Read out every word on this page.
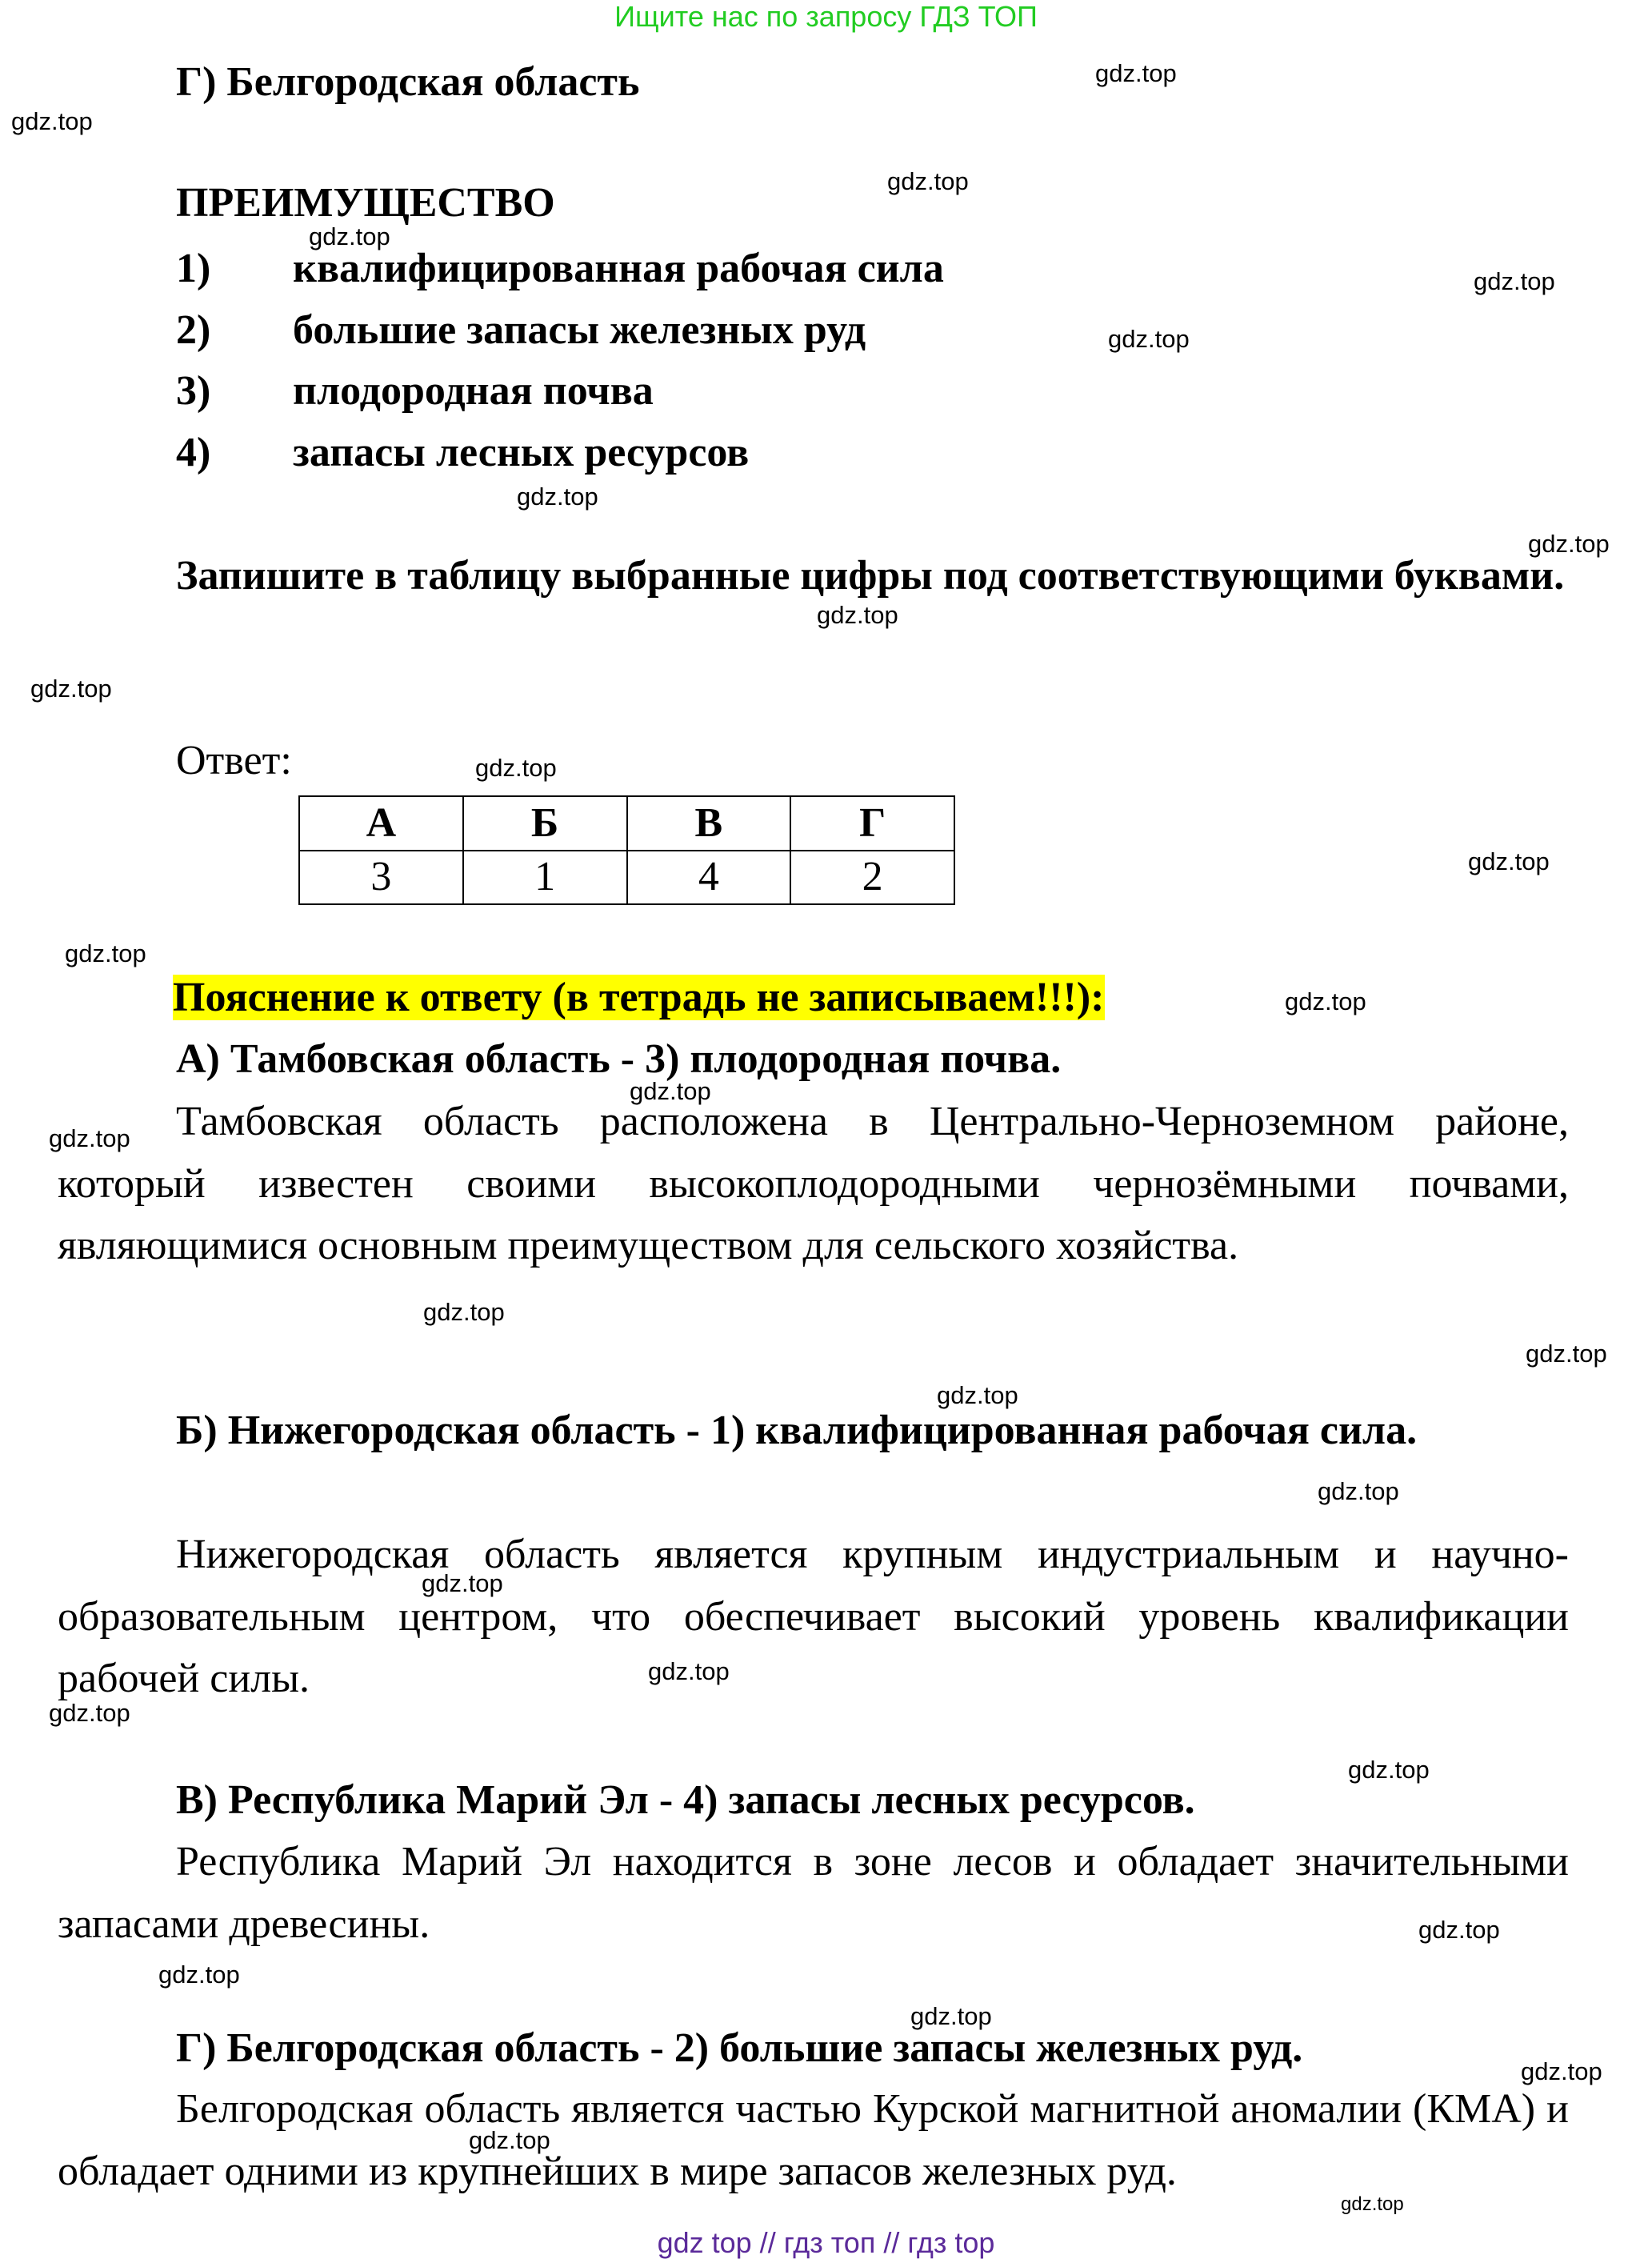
Ищите нас по запросу ГДЗ ТОП
Г) Белгородская область
ПРЕИМУЩЕСТВО
1) квалифицированная рабочая сила
2) большие запасы железных руд
3) плодородная почва
4) запасы лесных ресурсов
Запишите в таблицу выбранные цифры под соответствующими буквами.
Ответ:
А	Б	В	Г
3	1	4	2
Пояснение к ответу (в тетрадь не записываем!!!):
А) Тамбовская область - 3) плодородная почва.
Тамбовская область расположена в Центрально-Черноземном районе, который известен своими высокоплодородными чернозёмными почвами, являющимися основным преимуществом для сельского хозяйства.
Б) Нижегородская область - 1) квалифицированная рабочая сила.
Нижегородская область является крупным индустриальным и научно-образовательным центром, что обеспечивает высокий уровень квалификации рабочей силы.
В) Республика Марий Эл - 4) запасы лесных ресурсов.
Республика Марий Эл находится в зоне лесов и обладает значительными запасами древесины.
Г) Белгородская область - 2) большие запасы железных руд.
Белгородская область является частью Курской магнитной аномалии (КМА) и обладает одними из крупнейших в мире запасов железных руд.
gdz top // гдз топ // гдз top
gdz.top
gdz.top
gdz.top
gdz.top
gdz.top
gdz.top
gdz.top
gdz.top
gdz.top
gdz.top
gdz.top
gdz.top
gdz.top
gdz.top
gdz.top
gdz.top
gdz.top
gdz.top
gdz.top
gdz.top
gdz.top
gdz.top
gdz.top
gdz.top
gdz.top
gdz.top
gdz.top
gdz.top
gdz.top
gdz.top
